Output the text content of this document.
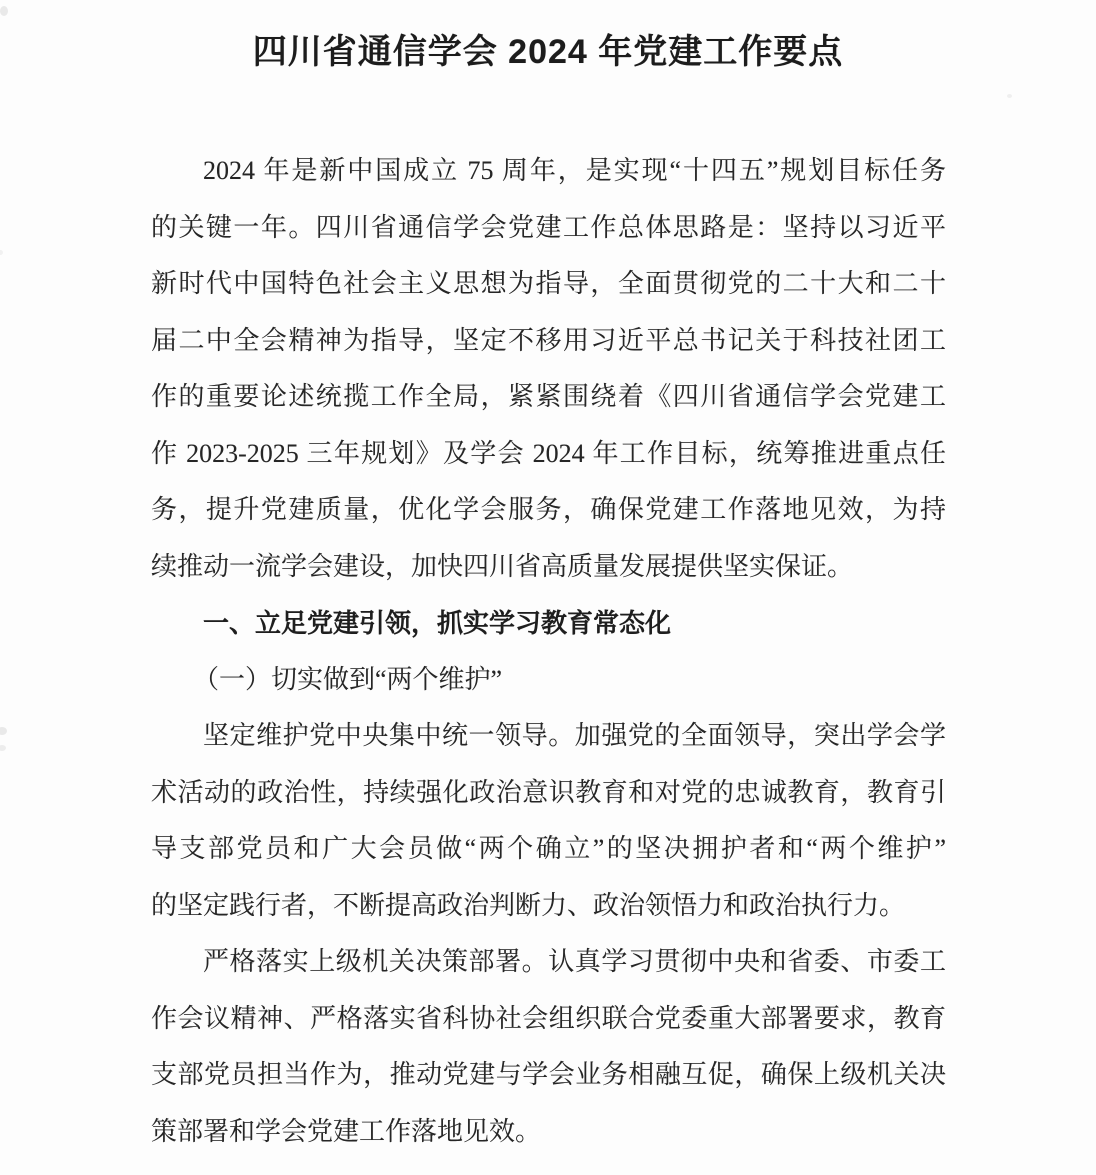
四川省通信学会 2024 年党建工作要点
2024 年是新中国成立 75 周年，是实现“十四五”规划目标任务
的关键一年。四川省通信学会党建工作总体思路是：坚持以习近平
新时代中国特色社会主义思想为指导，全面贯彻党的二十大和二十
届二中全会精神为指导，坚定不移用习近平总书记关于科技社团工
作的重要论述统揽工作全局，紧紧围绕着《四川省通信学会党建工
作 2023-2025 三年规划》及学会 2024 年工作目标，统筹推进重点任
务，提升党建质量，优化学会服务，确保党建工作落地见效，为持
续推动一流学会建设，加快四川省高质量发展提供坚实保证。
一、立足党建引领，抓实学习教育常态化
（一）切实做到“两个维护”
坚定维护党中央集中统一领导。加强党的全面领导，突出学会学
术活动的政治性，持续强化政治意识教育和对党的忠诚教育，教育引
导支部党员和广大会员做“两个确立”的坚决拥护者和“两个维护”
的坚定践行者，不断提高政治判断力、政治领悟力和政治执行力。
严格落实上级机关决策部署。认真学习贯彻中央和省委、市委工
作会议精神、严格落实省科协社会组织联合党委重大部署要求，教育
支部党员担当作为，推动党建与学会业务相融互促，确保上级机关决
策部署和学会党建工作落地见效。
